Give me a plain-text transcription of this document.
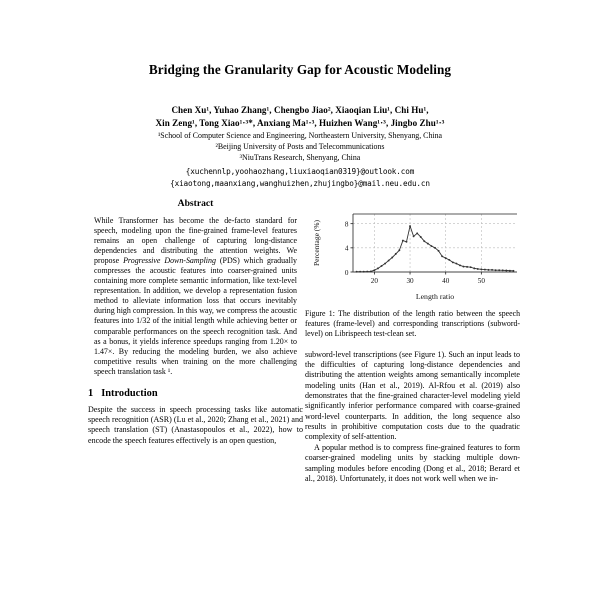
Bridging the Granularity Gap for Acoustic Modeling
Chen Xu¹, Yuhao Zhang¹, Chengbo Jiao², Xiaoqian Liu¹, Chi Hu¹,
Xin Zeng¹, Tong Xiao¹·³*, Anxiang Ma¹·³, Huizhen Wang¹·³, Jingbo Zhu¹·³
¹School of Computer Science and Engineering, Northeastern University, Shenyang, China
²Beijing University of Posts and Telecommunications
³NiuTrans Research, Shenyang, China
{xuchennlp,yoohaozhang,liuxiaoqian0319}@outlook.com
{xiaotong,maanxiang,wanghuizhen,zhujingbo}@mail.neu.edu.cn
Abstract

While Transformer has become the de-facto standard for speech, modeling upon the fine-grained frame-level features remains an open challenge of capturing long-distance dependencies and distributing the attention weights. We propose Progressive Down-Sampling (PDS) which gradually compresses the acoustic features into coarser-grained units containing more complete semantic information, like text-level representation. In addition, we develop a representation fusion method to alleviate information loss that occurs inevitably during high compression. In this way, we compress the acoustic features into 1/32 of the initial length while achieving better or comparable performances on the speech recognition task. And as a bonus, it yields inference speedups ranging from 1.20× to 1.47×. By reducing the modeling burden, we also achieve competitive results when training on the more challenging speech translation task ¹.

1 Introduction

Despite the success in speech processing tasks like automatic speech recognition (ASR) (Lu et al., 2020; Zhang et al., 2021) and speech translation (ST) (Anastasopoulos et al., 2022), how to encode the speech features effectively is an open question,

0
4
8
20	30	40	50
Length ratio
Percentage (%)
Figure 1: The distribution of the length ratio between the speech features (frame-level) and corresponding transcriptions (subword-level) on Librispeech test-clean set.

subword-level transcriptions (see Figure 1). Such an input leads to the difficulties of capturing long-distance dependencies and distributing the attention weights among semantically incomplete modeling units (Han et al., 2019). Al-Rfou et al. (2019) also demonstrates that the fine-grained character-level modeling yield significantly inferior performance compared with coarse-grained word-level counterparts. In addition, the long sequence also results in prohibitive computation costs due to the quadratic complexity of self-attention.

A popular method is to compress fine-grained features to form coarser-grained modeling units by stacking multiple down-sampling modules before encoding (Dong et al., 2018; Berard et al., 2018). Unfortunately, it does not work well when we in-
